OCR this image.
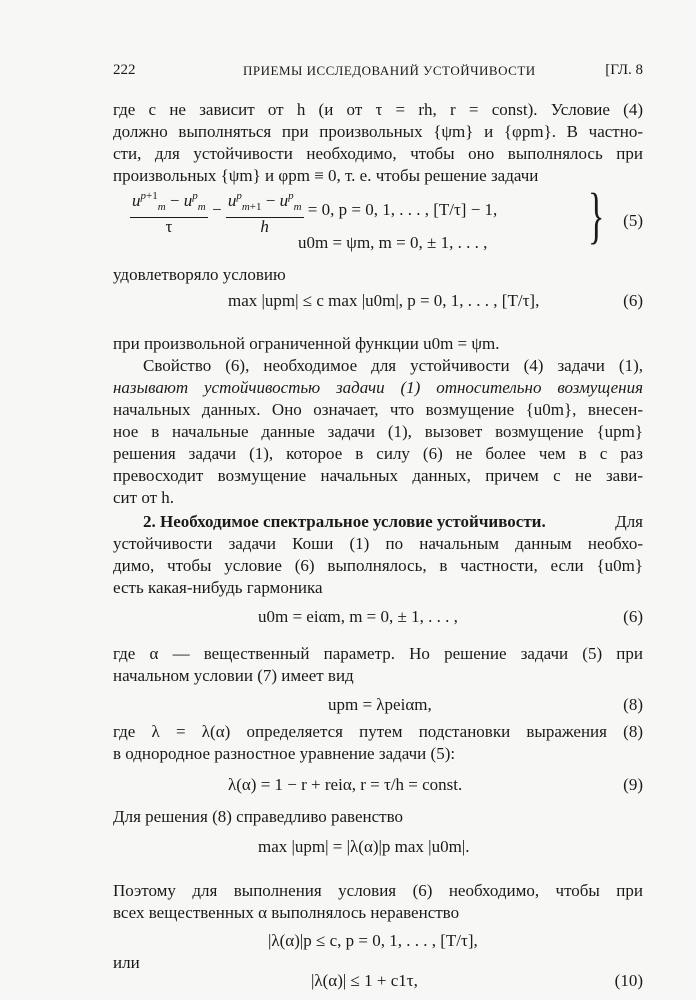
222	ПРИЕМЫ ИССЛЕДОВАНИЙ УСТОЙЧИВОСТИ	[ГЛ. 8
где c не зависит от h (и от τ = rh, r = const). Условие (4)
должно выполняться при произвольных {ψm} и {φpm}. В частно-
сти, для устойчивости необходимо, чтобы оно выполнялось при
произвольных {ψm} и φpm ≡ 0, т. е. чтобы решение задачи
$\frac{u^{p+1}_m - u^p_m}{\tau} - \frac{u^p_{m+1} - u^p_m}{h} = 0$, p = 0, 1, . . . , [T/τ] − 1,
u0m = ψm, m = 0, ± 1, . . . , } (5)
удовлетворяло условию
max |upm| ≤ c max |u0m|, p = 0, 1, . . . , [T/τ],	(6)
при произвольной ограниченной функции u0m = ψm.
Свойство (6), необходимое для устойчивости (4) задачи (1),
называют устойчивостью задачи (1) относительно возмущения
начальных данных. Оно означает, что возмущение {u0m}, внесен-
ное в начальные данные задачи (1), вызовет возмущение {upm}
решения задачи (1), которое в силу (6) не более чем в c раз
превосходит возмущение начальных данных, причем c не зави-
сит от h.
2. Необходимое спектральное условие устойчивости.	Для
устойчивости задачи Коши (1) по начальным данным необхо-
димо, чтобы условие (6) выполнялось, в частности, если {u0m}
есть какая-нибудь гармоника
u0m = eiαm, m = 0, ± 1, . . . ,	(6)
где α — вещественный параметр. Но решение задачи (5) при
начальном условии (7) имеет вид
upm = λpeiαm,	(8)
где λ = λ(α) определяется путем подстановки выражения (8)
в однородное разностное уравнение задачи (5):
λ(α) = 1 − r + reiα, r = τ/h = const.	(9)
Для решения (8) справедливо равенство
max |upm| = |λ(α)|p max |u0m|.
Поэтому для выполнения условия (6) необходимо, чтобы при
всех вещественных α выполнялось неравенство
|λ(α)|p ≤ c, p = 0, 1, . . . , [T/τ],
или
|λ(α)| ≤ 1 + c1τ,	(10)
